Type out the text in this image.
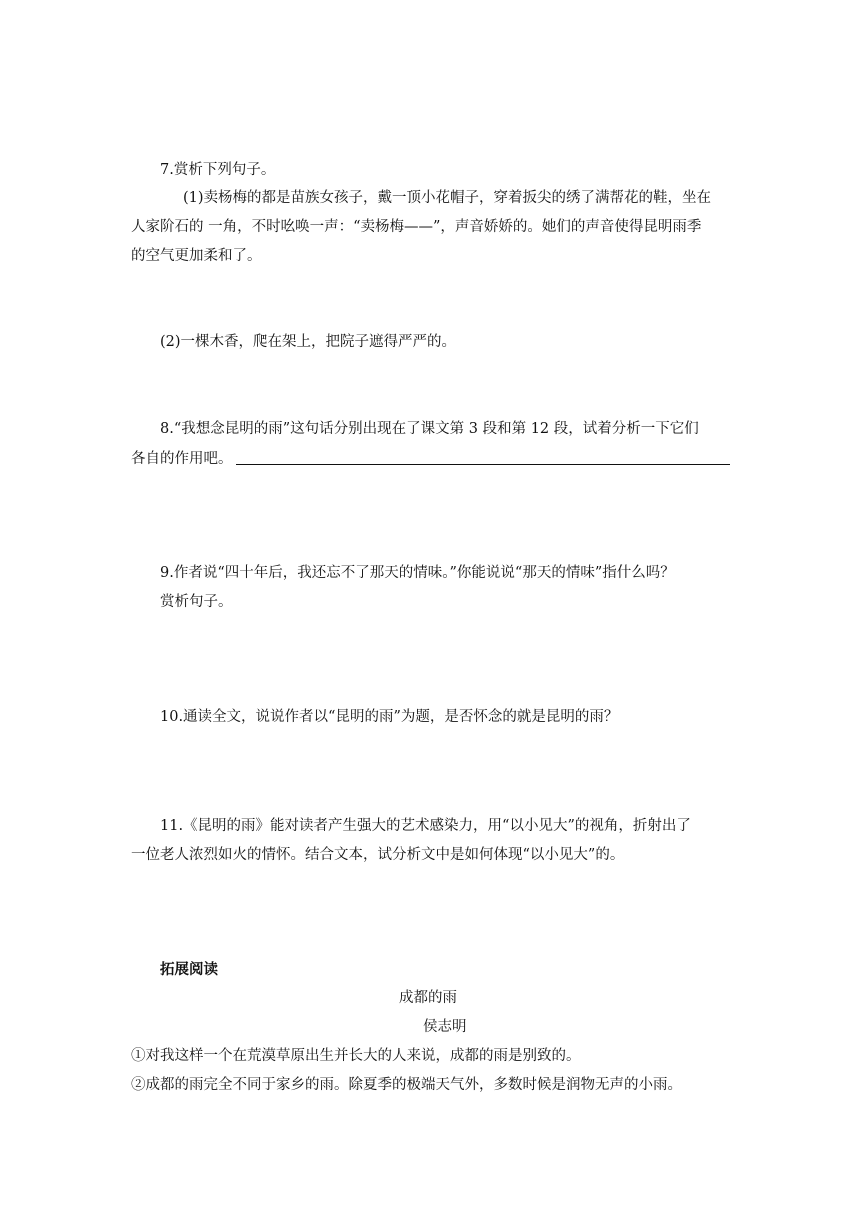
7.赏析下列句子。
(1)卖杨梅的都是苗族女孩子，戴一顶小花帽子，穿着扳尖的绣了满帮花的鞋，坐在
人家阶石的 一角，不时吆唤一声：“卖杨梅——”，声音娇娇的。她们的声音使得昆明雨季
的空气更加柔和了。
(2)一棵木香，爬在架上，把院子遮得严严的。
8.“我想念昆明的雨”这句话分别出现在了课文第 3 段和第 12 段，试着分析一下它们
各自的作用吧。
9.作者说“四十年后，我还忘不了那天的情味。”你能说说“那天的情味”指什么吗？
赏析句子。
10.通读全文，说说作者以“昆明的雨”为题，是否怀念的就是昆明的雨？
11.《昆明的雨》能对读者产生强大的艺术感染力，用“以小见大”的视角，折射出了
一位老人浓烈如火的情怀。结合文本，试分析文中是如何体现“以小见大”的。
拓展阅读
成都的雨
侯志明
①对我这样一个在荒漠草原出生并长大的人来说，成都的雨是别致的。
②成都的雨完全不同于家乡的雨。除夏季的极端天气外，多数时候是润物无声的小雨。
